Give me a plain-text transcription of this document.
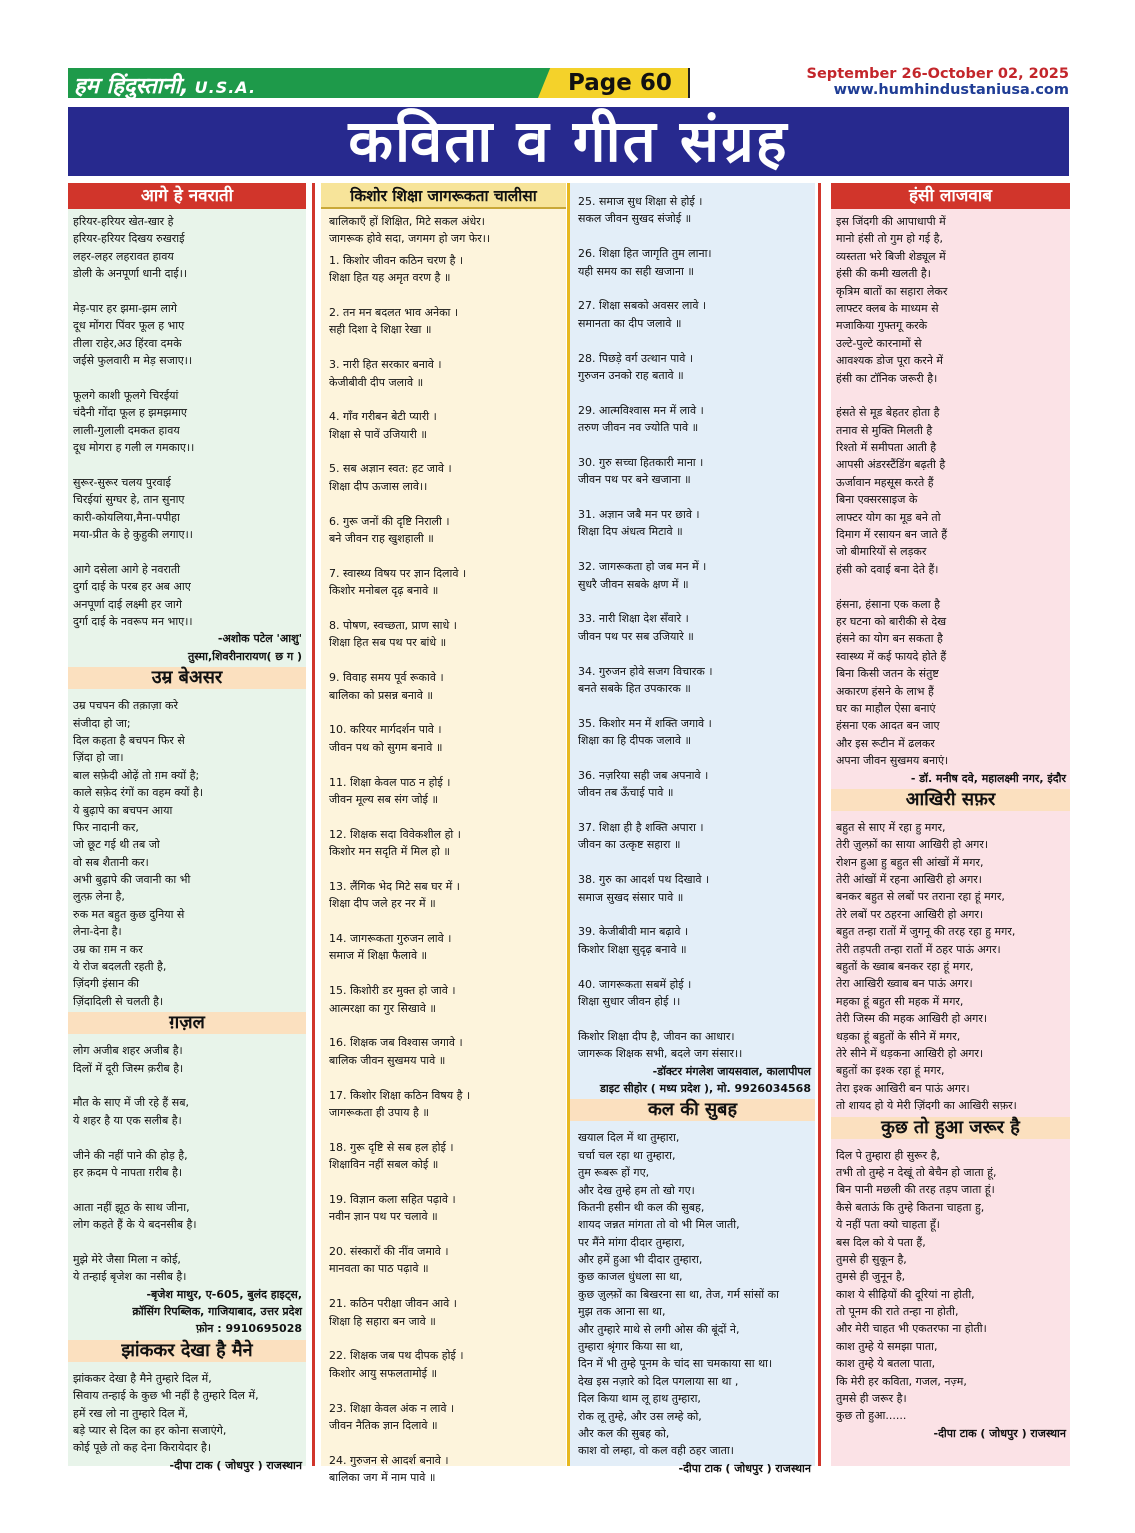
हम हिंदुस्तानी, U.S.A.	Page 60	September 26-October 02, 2025
www.humhindustaniusa.com
कविता व गीत संग्रह
आगे हे नवराती
हरियर-हरियर खेत-खार हे
हरियर-हरियर दिखय रुखराई
लहर-लहर लहरावत हावय
डोली के अनपूर्णा धानी दाई।।
मेड़-पार हर झमा-झम लागे
दूध मोंगरा पिंवर फूल ह भाए
तीला राहेर,अउ हिंरवा दमके
जईसे फुलवारी म मेड़ सजाए।।
फूलगे काशी फूलगे चिरईयां
चंदैनी गोंदा फूल ह झमझमाए
लाली-गुलाली दमकत हावय
दूध मोगरा ह गली ल गमकाए।।
सुरूर-सुरूर चलय पुरवाई
चिरईयां सुग्घर हे, तान सुनाए
कारी-कोयलिया,मैना-पपीहा
मया-प्रीत के हे कुहुकी लगाए।।
आगे दसेला आगे हे नवराती
दुर्गा दाई के परब हर अब आए
अनपूर्णा दाई लक्ष्मी हर जागे
दुर्गा दाई के नवरूप मन भाए।।
-अशोक पटेल 'आशु'
तुस्मा,शिवरीनारायण( छ ग )
उम्र बेअसर
उम्र पचपन की तक़ाज़ा करे
संजीदा हो जा;
दिल कहता है बचपन फिर से
ज़िंदा हो जा।
बाल सफ़ेदी ओढ़ें तो ग़म क्यों है;
काले सफ़ेद रंगों का वहम क्यों है।
ये बुढ़ापे का बचपन आया
फिर नादानी कर,
जो छूट गई थी तब जो
वो सब शैतानी कर।
अभी बुढ़ापे की जवानी का भी
लुत्फ़ लेना है,
रुक मत बहुत कुछ दुनिया से
लेना-देना है।
उम्र का ग़म न कर
ये रोज बदलती रहती है,
ज़िंदगी इंसान की
ज़िंदादिली से चलती है।
ग़ज़ल
लोग अजीब शहर अजीब है।
दिलों में दूरी जिस्म क़रीब है।
मौत के साए में जी रहे हैं सब,
ये शहर है या एक सलीब है।
जीने की नहीं पाने की होड़ है,
हर क़दम पे नापता ग़रीब है।
आता नहीं झूठ के साथ जीना,
लोग कहते हैं के ये बदनसीब है।
मुझे मेरे जैसा मिला न कोई,
ये तन्हाई बृजेश का नसीब है।
-बृजेश माथुर, ए-605, बुलंद हाइट्स,
क्रॉसिंग रिपब्लिक, गाजियाबाद, उत्तर प्रदेश
फ़ोन : 9910695028
झांककर देखा है मैने
झांककर देखा है मैने तुम्हारे दिल में,
सिवाय तन्हाई के कुछ भी नहीं है तुम्हारे दिल में,
हमें रख लो ना तुम्हारे दिल में,
बड़े प्यार से दिल का हर कोना सजाएंगे,
कोई पूछे तो कह देना किरायेदार है।
-दीपा टाक ( जोधपुर ) राजस्थान
किशोर शिक्षा जागरूकता चालीसा
बालिकाएँ हों शिक्षित, मिटे सकल अंधेर।
जागरूक होवे सदा, जगमग हो जग फेर।।
1. किशोर जीवन कठिन चरण है ।
शिक्षा हित यह अमृत वरण है ॥
2. तन मन बदलत भाव अनेका ।
सही दिशा दे शिक्षा रेखा ॥
3. नारी हित सरकार बनावे ।
केजीबीवी दीप जलावे ॥
4. गाँव गरीबन बेटी प्यारी ।
शिक्षा से पावें उजियारी ॥
5. सब अज्ञान स्वत: हट जावे ।
शिक्षा दीप ऊजास लावे।।
6. गुरू जनों की दृष्टि निराली ।
बने जीवन राह खुशहाली ॥
7. स्वास्थ्य विषय पर ज्ञान दिलावे ।
किशोर मनोबल दृढ़ बनावे ॥
8. पोषण, स्वच्छता, प्राण साधे ।
शिक्षा हित सब पथ पर बांधे ॥
9. विवाह समय पूर्व रूकावे ।
बालिका को प्रसन्न बनावे ॥
10. करियर मार्गदर्शन पावे ।
जीवन पथ को सुगम बनावे ॥
11. शिक्षा केवल पाठ न होई ।
जीवन मूल्य सब संग जोई ॥
12. शिक्षक सदा विवेकशील हो ।
किशोर मन सदृति में मिल हो ॥
13. लैंगिक भेद मिटे सब घर में ।
शिक्षा दीप जले हर नर में ॥
14. जागरूकता गुरुजन लावे ।
समाज में शिक्षा फैलावे ॥
15. किशोरी डर मुक्त हो जावे ।
आत्मरक्षा का गुर सिखावे ॥
16. शिक्षक जब विश्वास जगावे ।
बालिक जीवन सुखमय पावे ॥
17. किशोर शिक्षा कठिन विषय है ।
जागरूकता ही उपाय है ॥
18. गुरू दृष्टि से सब हल होई ।
शिक्षाविन नहीं सबल कोई ॥
19. विज्ञान कला सहित पढ़ावे ।
नवीन ज्ञान पथ पर चलावे ॥
20. संस्कारों की नींव जमावे ।
मानवता का पाठ पढ़ावे ॥
21. कठिन परीक्षा जीवन आवे ।
शिक्षा हि सहारा बन जावे ॥
22. शिक्षक जब पथ दीपक होई ।
किशोर आयु सफलतामोई ॥
23. शिक्षा केवल अंक न लावे ।
जीवन नैतिक ज्ञान दिलावे ॥
24. गुरुजन से आदर्श बनावे ।
बालिका जग में नाम पावे ॥
25. समाज सुध शिक्षा से होई ।
सकल जीवन सुखद संजोई ॥
26. शिक्षा हित जागृति तुम लाना।
यही समय का सही खजाना ॥
27. शिक्षा सबको अवसर लावे ।
समानता का दीप जलावे ॥
28. पिछड़े वर्ग उत्थान पावे ।
गुरुजन उनको राह बतावे ॥
29. आत्मविश्वास मन में लावे ।
तरुण जीवन नव ज्योति पावे ॥
30. गुरु सच्चा हितकारी माना ।
जीवन पथ पर बने खजाना ॥
31. अज्ञान जबै मन पर छावे ।
शिक्षा दिप अंधत्व मिटावे ॥
32. जागरूकता हो जब मन में ।
सुधरै जीवन सबके क्षण में ॥
33. नारी शिक्षा देश सँवारे ।
जीवन पथ पर सब उजियारे ॥
34. गुरुजन होवे सजग विचारक ।
बनते सबके हित उपकारक ॥
35. किशोर मन में शक्ति जगावे ।
शिक्षा का हि दीपक जलावे ॥
36. नज़रिया सही जब अपनावे ।
जीवन तब ऊँचाई पावे ॥
37. शिक्षा ही है शक्ति अपारा ।
जीवन का उत्कृष्ट सहारा ॥
38. गुरु का आदर्श पथ दिखावे ।
समाज सुखद संसार पावे ॥
39. केजीबीवी मान बढ़ावे ।
किशोर शिक्षा सुदृढ़ बनावे ॥
40. जागरूकता सबमें होई ।
शिक्षा सुधार जीवन होई ।।
किशोर शिक्षा दीप है, जीवन का आधार।
जागरूक शिक्षक सभी, बदले जग संसार।।
-डॉक्टर मंगलेश जायसवाल, कालापीपल
डाइट सीहोर ( मध्य प्रदेश ), मो. 9926034568
कल की सुबह
खयाल दिल में था तुम्हारा,
चर्चा चल रहा था तुम्हारा,
तुम रूबरू हों गए,
और देख तुम्हे हम तो खो गए।
कितनी हसीन थी कल की सुबह,
शायद जन्नत मांगता तो वो भी मिल जाती,
पर मैंने मांगा दीदार तुम्हारा,
और हमें हुआ भी दीदार तुम्हारा,
कुछ काजल धुंधला सा था,
कुछ ज़ुल्फ़ों का बिखरना सा था, तेज, गर्म सांसों का
मुझ तक आना सा था,
और तुम्हारे माथे से लगी ओस की बूंदों ने,
तुम्हारा श्रृंगार किया सा था,
दिन में भी तुम्हे पूनम के चांद सा चमकाया सा था।
देख इस नज़ारे को दिल पगलाया सा था ,
दिल किया थाम लू हाथ तुम्हारा,
रोक लू तुम्हे, और उस लम्हे को,
और कल की सुबह को,
काश वो लम्हा, वो कल वही ठहर जाता।
-दीपा टाक ( जोधपुर ) राजस्थान
हंसी लाजवाब
इस जिंदगी की आपाधापी में
मानो हंसी तो गुम हो गई है,
व्यस्तता भरे बिजी शेड्यूल में
हंसी की कमी खलती है।
कृत्रिम बातों का सहारा लेकर
लाफ्टर क्लब के माध्यम से
मजाकिया गुफ्तगू करके
उल्टे-पुल्टे कारनामों से
आवश्यक डोज पूरा करने में
हंसी का टॉनिक जरूरी है।
हंसते से मूड बेहतर होता है
तनाव से मुक्ति मिलती है
रिश्तो में समीपता आती है
आपसी अंडरस्टैंडिंग बढ़ती है
ऊर्जावान महसूस करते हैं
बिना एक्सरसाइज के
लाफ्टर योग का मूड बने तो
दिमाग में रसायन बन जाते हैं
जो बीमारियों से लड़कर
हंसी को दवाई बना देते हैं।
हंसना, हंसाना एक कला है
हर घटना को बारीकी से देख
हंसने का योग बन सकता है
स्वास्थ्य में कई फायदे होते हैं
बिना किसी जतन के संतुष्ट
अकारण हंसने के लाभ हैं
घर का माहौल ऐसा बनाएं
हंसना एक आदत बन जाए
और इस रूटीन में ढलकर
अपना जीवन सुखमय बनाएं।
- डॉ. मनीष दवे, महालक्ष्मी नगर, इंदौर
आखिरी सफ़र
बहुत से साए में रहा हु मगर,
तेरी ज़ुल्फ़ों का साया आखिरी हो अगर।
रोशन हुआ हु बहुत सी आंखों में मगर,
तेरी आंखों में रहना आखिरी हो अगर।
बनकर बहुत से लबों पर तराना रहा हूं मगर,
तेरे लबों पर ठहरना आखिरी हो अगर।
बहुत तन्हा रातों में जुगनू की तरह रहा हु मगर,
तेरी तड़पती तन्हा रातों में ठहर पाऊं अगर।
बहुतों के ख्वाब बनकर रहा हूं मगर,
तेरा आखिरी ख्वाब बन पाऊं अगर।
महका हूं बहुत सी महक में मगर,
तेरी जिस्म की महक आखिरी हो अगर।
धड़का हूं बहुतों के सीने में मगर,
तेरे सीने में धड़कना आखिरी हो अगर।
बहुतों का इश्क रहा हूं मगर,
तेरा इश्क आखिरी बन पाऊं अगर।
तो शायद हो ये मेरी ज़िंदगी का आखिरी सफ़र।
कुछ तो हुआ जरूर है
दिल पे तुम्हारा ही सुरूर है,
तभी तो तुम्हे न देखूं तो बेचैन हो जाता हूं,
बिन पानी मछली की तरह तड़प जाता हूं।
कैसे बताऊं कि तुम्हे कितना चाहता हु,
ये नहीं पता क्यो चाहता हूँ।
बस दिल को ये पता हैं,
तुमसे ही सुकून है,
तुमसे ही जुनून है,
काश ये सीढ़ियों की दूरियां ना होती,
तो पूनम की राते तन्हा ना होती,
और मेरी चाहत भी एकतरफा ना होती।
काश तुम्हे ये समझा पाता,
काश तुम्हे ये बतला पाता,
कि मेरी हर कविता, गजल, नज़्म,
तुमसे ही जरूर है।
कुछ तो हुआ......
-दीपा टाक ( जोधपुर ) राजस्थान
